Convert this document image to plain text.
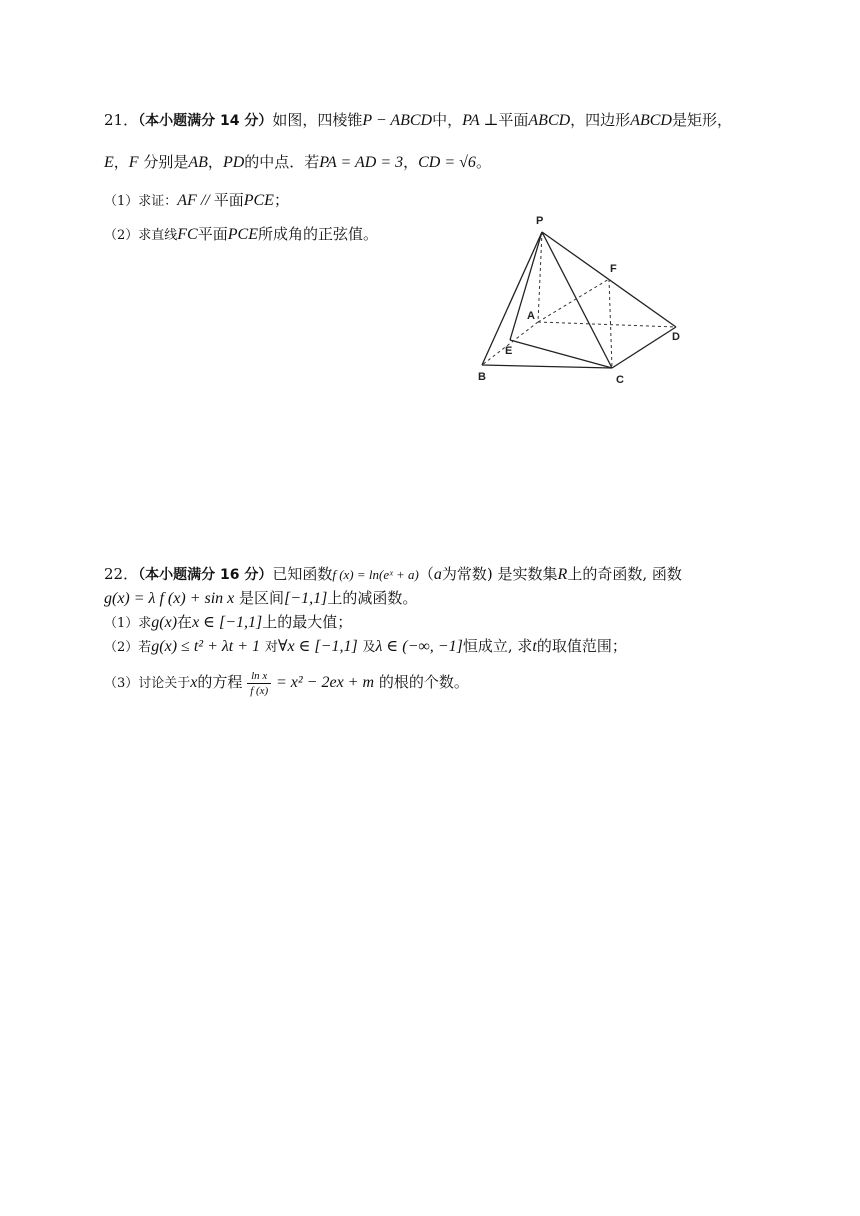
21．（本小题满分 14 分）如图，四棱锥P − ABCD中，PA ⊥平面ABCD，四边形ABCD是矩形，
E，F 分别是AB，PD的中点．若PA = AD = 3，CD = √6。
（1）求证：AF // 平面PCE；
（2）求直线FC平面PCE所成角的正弦值。
P
F
A
D
E
B	C
22．（本小题满分 16 分）已知函数f (x) = ln(eˣ + a)（a为常数) 是实数集R上的奇函数, 函数
g(x) = λ f (x) + sin x 是区间[−1,1]上的减函数。
（1）求g(x)在x ∈ [−1,1]上的最大值；
（2）若g(x) ≤ t² + λt + 1 对∀x ∈ [−1,1] 及λ ∈ (−∞, −1]恒成立, 求t的取值范围；
（3）讨论关于x的方程 $\frac{\text{ln x}}{f (x)} = x^2 - 2ex + m$ 的根的个数。
